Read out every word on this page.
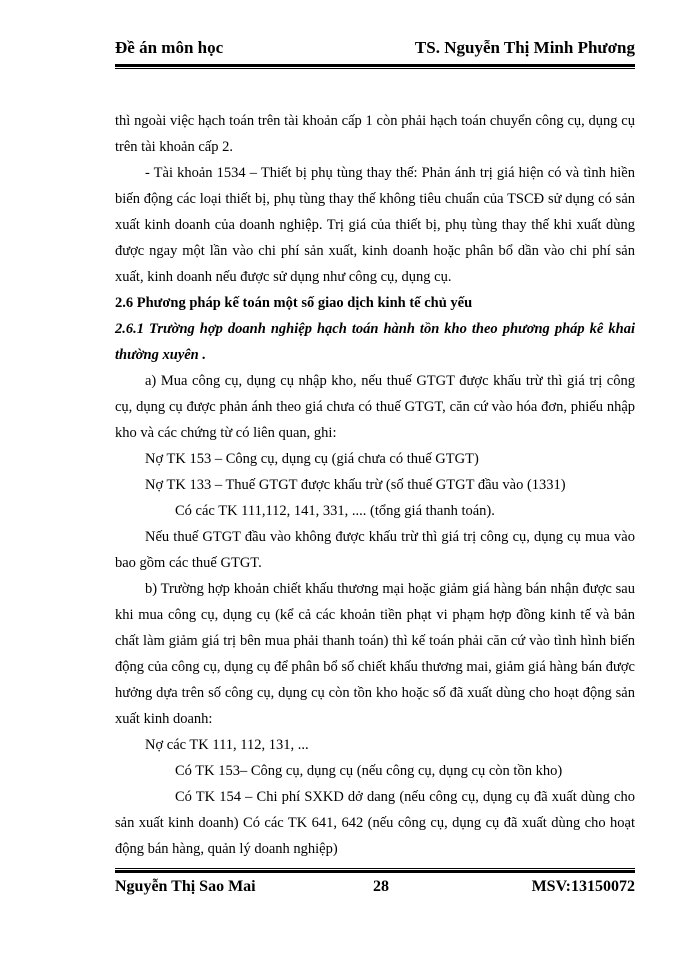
Đề án môn học	TS. Nguyễn Thị Minh Phương

thì ngoài việc hạch toán trên tài khoản cấp 1 còn phải hạch toán chuyển công cụ, dụng cụ trên tài khoản cấp 2.

- Tài khoản 1534 – Thiết bị phụ tùng thay thế: Phản ánh trị giá hiện có và tình hiền biến động các loại thiết bị, phụ tùng thay thế không tiêu chuẩn của TSCĐ sử dụng có sản xuất kinh doanh của doanh nghiệp. Trị giá của thiết bị, phụ tùng thay thế khi xuất dùng được ngay một lần vào chi phí sản xuất, kinh doanh hoặc phân bổ dần vào chi phí sản xuất, kinh doanh nếu được sử dụng như công cụ, dụng cụ.

2.6 Phương pháp kế toán một số giao dịch kinh tế chủ yếu

2.6.1 Trường hợp doanh nghiệp hạch toán hành tồn kho theo phương pháp kê khai thường xuyên .

a) Mua công cụ, dụng cụ nhập kho, nếu thuế GTGT được khấu trừ thì giá trị công cụ, dụng cụ được phản ánh theo giá chưa có thuế GTGT, căn cứ vào hóa đơn, phiếu nhập kho và các chứng từ có liên quan, ghi:

Nợ TK 153 – Công cụ, dụng cụ (giá chưa có thuế GTGT)

Nợ TK 133 – Thuế GTGT được khấu trừ (số thuế GTGT đầu vào (1331)

Có các TK 111,112, 141, 331, .... (tổng giá thanh toán).

Nếu thuế GTGT đầu vào không được khấu trừ thì giá trị công cụ, dụng cụ mua vào bao gồm các thuế GTGT.

b) Trường hợp khoản chiết khấu thương mại hoặc giảm giá hàng bán nhận được sau khi mua công cụ, dụng cụ (kể cả các khoản tiền phạt vi phạm hợp đồng kinh tế và bản chất làm giảm giá trị bên mua phải thanh toán) thì kế toán phải căn cứ vào tình hình biến động của công cụ, dụng cụ để phân bổ số chiết khấu thương mai, giảm giá hàng bán được hưởng dựa trên số công cụ, dụng cụ còn tồn kho hoặc số đã xuất dùng cho hoạt động sản xuất kinh doanh:

Nợ các TK 111, 112, 131, ...

Có TK 153– Công cụ, dụng cụ (nếu công cụ, dụng cụ còn tồn kho)

Có TK 154 – Chi phí SXKD dở dang (nếu công cụ, dụng cụ đã xuất dùng cho sản xuất kinh doanh) Có các TK 641, 642 (nếu công cụ, dụng cụ đã xuất dùng cho hoạt động bán hàng, quản lý doanh nghiệp)

Nguyễn Thị Sao Mai	28	MSV:13150072
